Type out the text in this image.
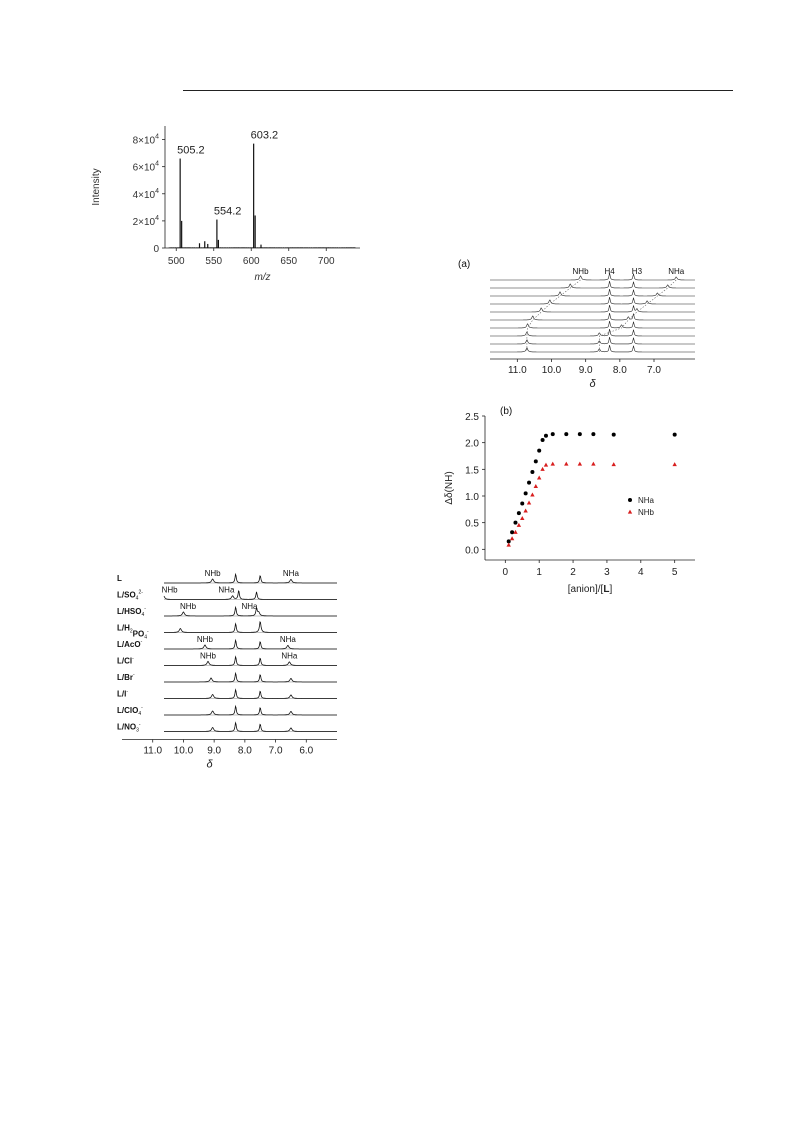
0
$2\times 10^4$
$4\times 10^4$
$6\times 10^4$
$8\times 10^4$
500 550 600 650 700
505.2
554.2
603.2
Intensity
m/z
L
$L/SO_4^{2-}$
$L/HSO_4^-$
$L/H_2PO_4^-$
L/AcO-
L/Cl-
L/Br-
L/I-
L/ClO$_4$-
$L/NO_3^-$
NHb	NHa
NHb	NHa
NHb	NHa
NHb	NHa
NHb	NHa
11.0 10.0 9.0 8.0 7.0 6.0
δ
(a)
NHb H4 H3	NHa
11.0 10.0 9.0 8.0 7.0
δ
(b)
0.0
0.5
1.0
1.5
2.0
2.5
0	1	2	3	4	5
NHa
NHb
Δδ(NH)
[anion]/[L]
